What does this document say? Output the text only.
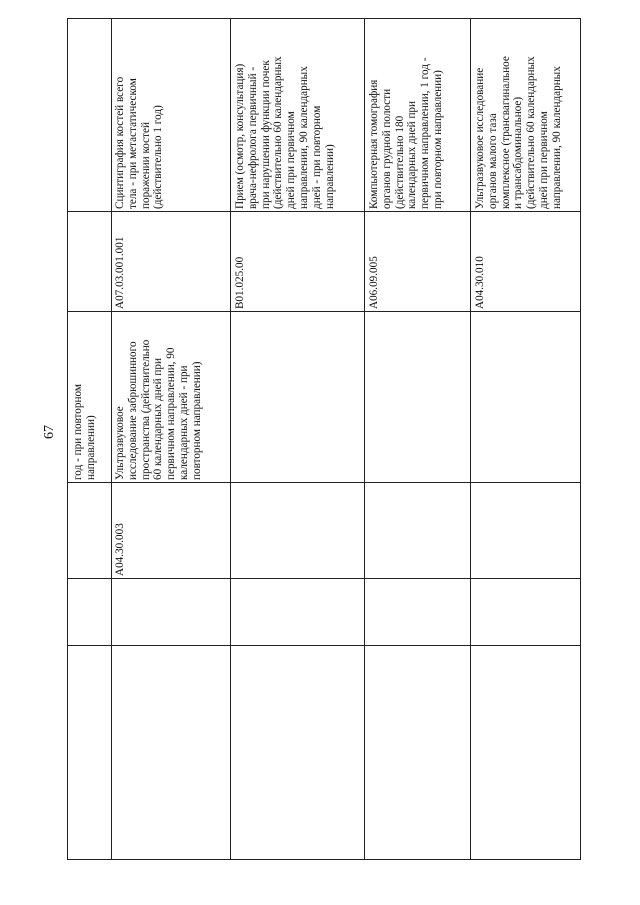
67 год - при повторном направлении)
A04.30.003
Ультразвуковое исследование забрюшинного пространства (действительно 60 календарных дней при первичном направлении, 90 календарных дней - при повторном направлении)
A07.03.001.001
Сцинтиграфия костей всего тела - при метастатическом поражении костей (действительно 1 год)
B01.025.00
Прием (осмотр, консультация) врача-нефролога первичный - при нарушении функции почек (действительно 60 календарных дней при первичном направлении, 90 календарных дней - при повторном направлении)
A06.09.005
Компьютерная томография органов грудной полости (действительно 180 календарных дней при первичном направлении, 1 год - при повторном направлении)
A04.30.010
Ультразвуковое исследование органов малого таза комплексное (трансвагинальное и трансабдоминальное) (действительно 60 календарных дней при первичном направлении, 90 календарных
